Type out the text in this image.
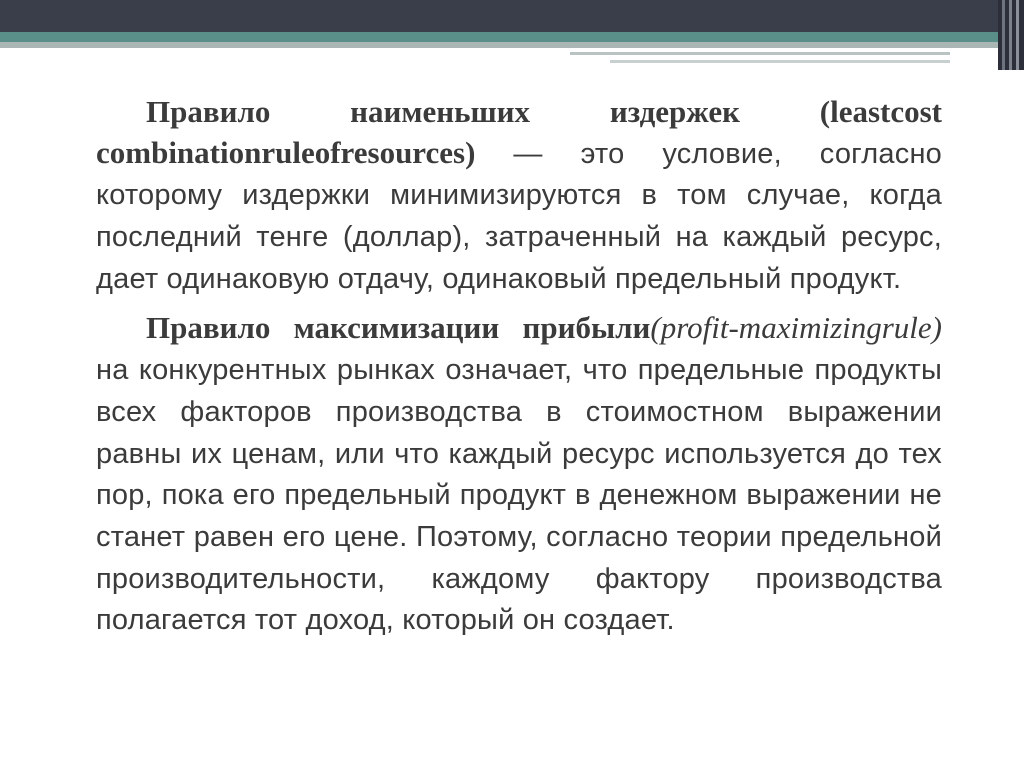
Правило наименьших издержек (leastcost combinationruleofresources) — это условие, согласно которому издержки минимизируются в том случае, когда последний тенге (доллар), затраченный на каждый ресурс, дает одинаковую отдачу, одинаковый предельный продукт.

Правило максимизации прибыли(profit-maximizingrule) на конкурентных рынках означает, что предельные продукты всех факторов производства в стоимостном выражении равны их ценам, или что каждый ресурс используется до тех пор, пока его предельный продукт в денежном выражении не станет равен его цене. Поэтому, согласно теории предельной производительности, каждому фактору производства полагается тот доход, который он создает.
